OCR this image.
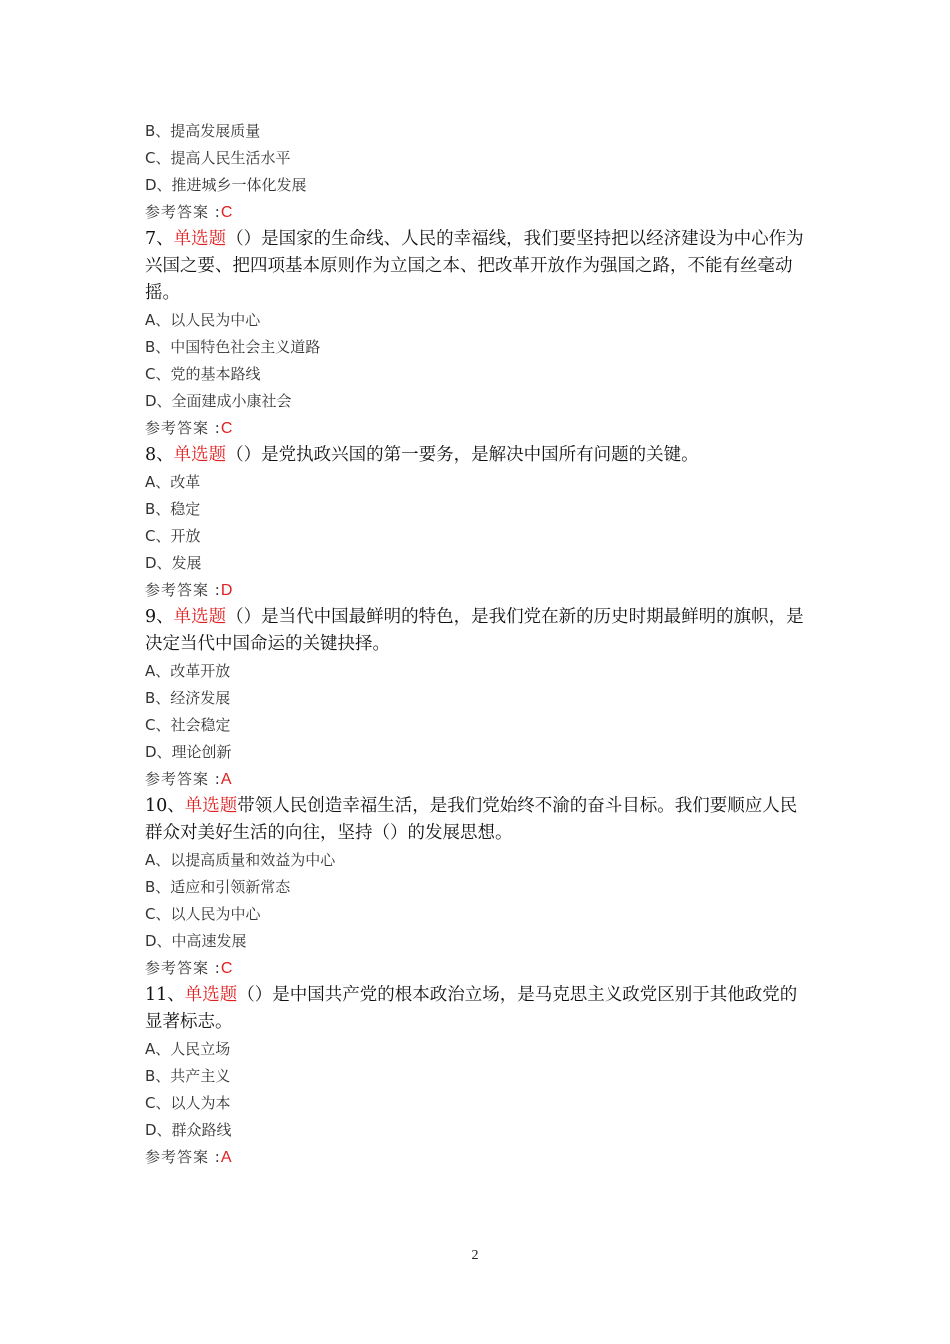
B、提高发展质量
C、提高人民生活水平
D、推进城乡一体化发展
参考答案 :C

7、单选题（）是国家的生命线、人民的幸福线，我们要坚持把以经济建设为中心作为兴国之要、把四项基本原则作为立国之本、把改革开放作为强国之路，不能有丝毫动摇。

A、以人民为中心
B、中国特色社会主义道路
C、党的基本路线
D、全面建成小康社会
参考答案 :C

8、单选题（）是党执政兴国的第一要务，是解决中国所有问题的关键。

A、改革
B、稳定
C、开放
D、发展
参考答案 :D

9、单选题（）是当代中国最鲜明的特色，是我们党在新的历史时期最鲜明的旗帜，是决定当代中国命运的关键抉择。

A、改革开放
B、经济发展
C、社会稳定
D、理论创新
参考答案 :A

10、单选题带领人民创造幸福生活，是我们党始终不渝的奋斗目标。我们要顺应人民群众对美好生活的向往，坚持（）的发展思想。

A、以提高质量和效益为中心
B、适应和引领新常态
C、以人民为中心
D、中高速发展
参考答案 :C

11、单选题（）是中国共产党的根本政治立场，是马克思主义政党区别于其他政党的显著标志。

A、人民立场
B、共产主义
C、以人为本
D、群众路线
参考答案 :A
2
